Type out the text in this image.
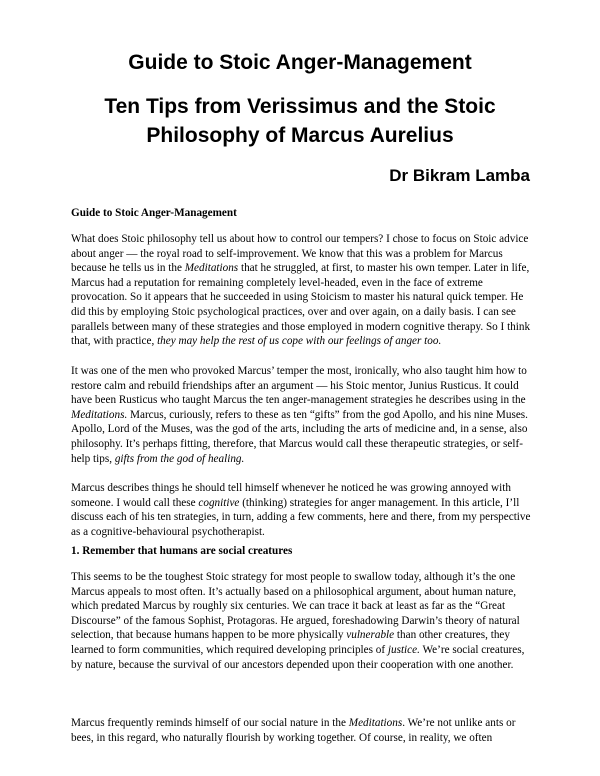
Guide to Stoic Anger-Management
Ten Tips from Verissimus and the Stoic
Philosophy of Marcus Aurelius

Dr Bikram Lamba

Guide to Stoic Anger-Management

What does Stoic philosophy tell us about how to control our tempers? I chose to focus on Stoic advice about anger — the royal road to self-improvement. We know that this was a problem for Marcus because he tells us in the Meditations that he struggled, at first, to master his own temper. Later in life, Marcus had a reputation for remaining completely level-headed, even in the face of extreme provocation. So it appears that he succeeded in using Stoicism to master his natural quick temper. He did this by employing Stoic psychological practices, over and over again, on a daily basis. I can see parallels between many of these strategies and those employed in modern cognitive therapy. So I think that, with practice, they may help the rest of us cope with our feelings of anger too.

It was one of the men who provoked Marcus’ temper the most, ironically, who also taught him how to restore calm and rebuild friendships after an argument — his Stoic mentor, Junius Rusticus. It could have been Rusticus who taught Marcus the ten anger-management strategies he describes using in the Meditations. Marcus, curiously, refers to these as ten “gifts” from the god Apollo, and his nine Muses. Apollo, Lord of the Muses, was the god of the arts, including the arts of medicine and, in a sense, also philosophy. It’s perhaps fitting, therefore, that Marcus would call these therapeutic strategies, or self-help tips, gifts from the god of healing.

Marcus describes things he should tell himself whenever he noticed he was growing annoyed with someone. I would call these cognitive (thinking) strategies for anger management. In this article, I’ll discuss each of his ten strategies, in turn, adding a few comments, here and there, from my perspective as a cognitive-behavioural psychotherapist.

1. Remember that humans are social creatures

This seems to be the toughest Stoic strategy for most people to swallow today, although it’s the one Marcus appeals to most often. It’s actually based on a philosophical argument, about human nature, which predated Marcus by roughly six centuries. We can trace it back at least as far as the “Great Discourse” of the famous Sophist, Protagoras. He argued, foreshadowing Darwin’s theory of natural selection, that because humans happen to be more physically vulnerable than other creatures, they learned to form communities, which required developing principles of justice. We’re social creatures, by nature, because the survival of our ancestors depended upon their cooperation with one another.

Marcus frequently reminds himself of our social nature in the Meditations. We’re not unlike ants or bees, in this regard, who naturally flourish by working together. Of course, in reality, we often
